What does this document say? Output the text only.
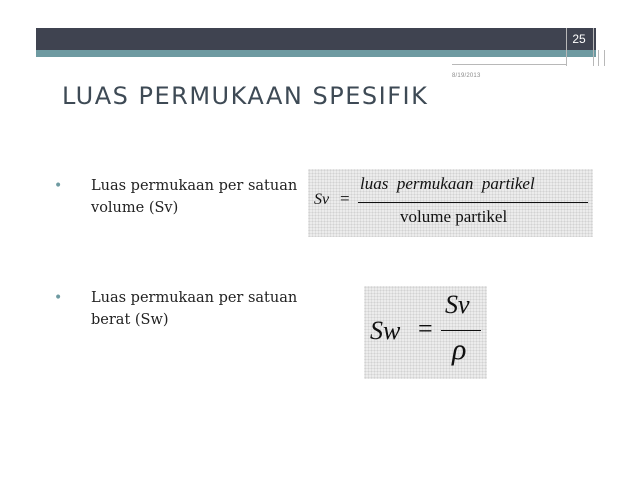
25
8/19/2013
LUAS PERMUKAAN SPESIFIK
• Luas permukaan per satuan volume (Sv)
• Luas permukaan per satuan berat (Sw)
Sv =
luas  permukaan  partikel
volume partikel
Sw =
Sv
ρ
